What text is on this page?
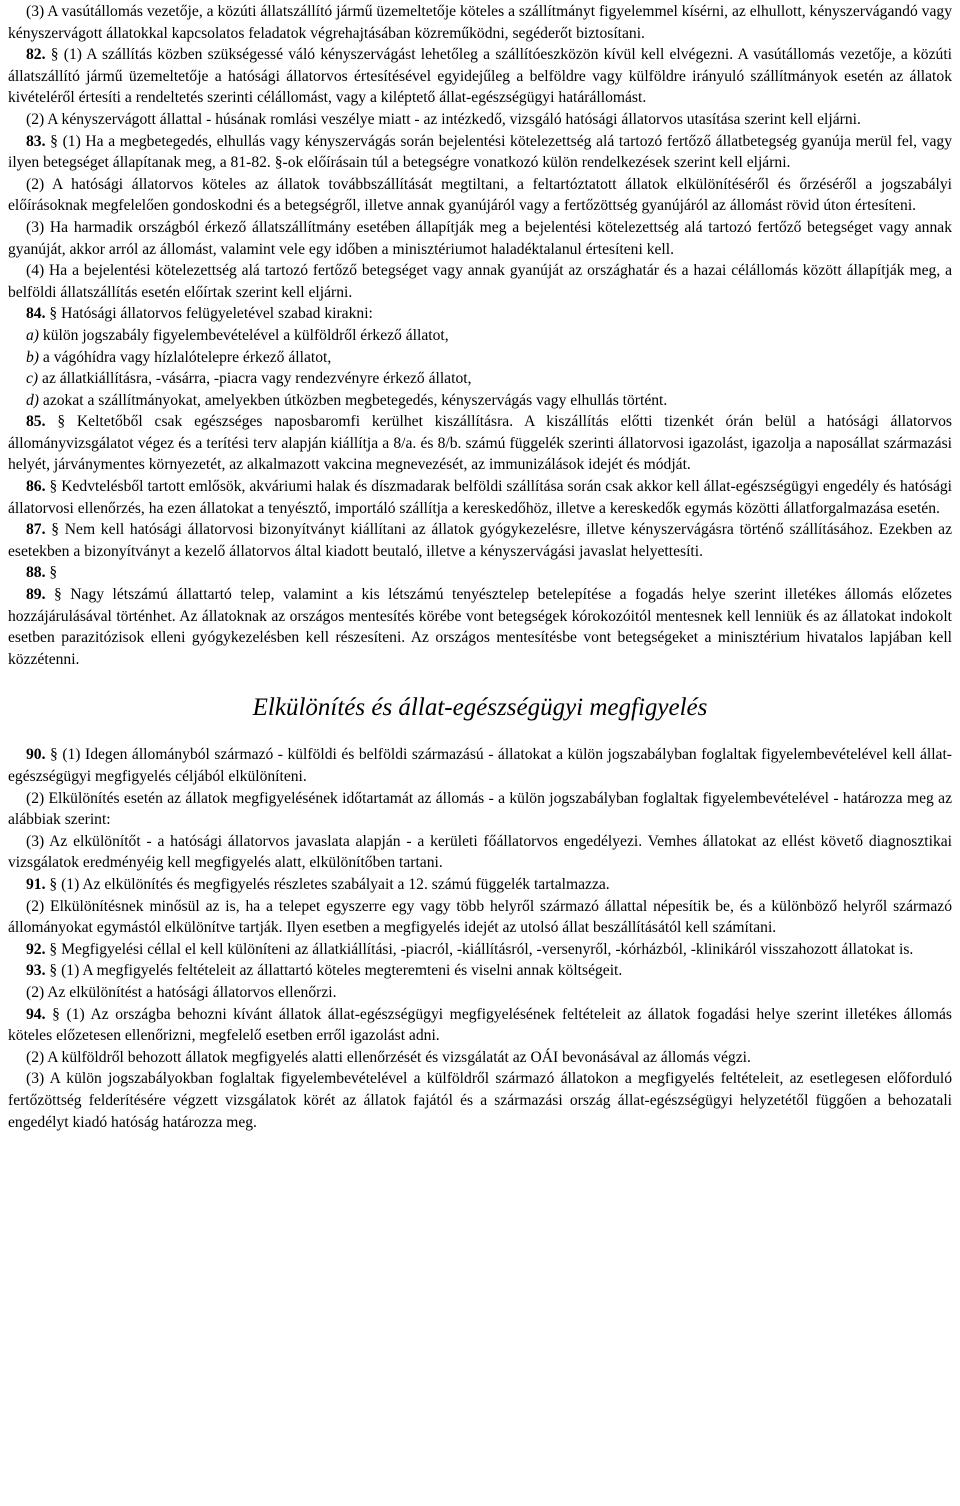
(3) A vasútállomás vezetője, a közúti állatszállító jármű üzemeltetője köteles a szállítmányt figyelemmel kísérni, az elhullott, kényszervágandó vagy kényszervágott állatokkal kapcsolatos feladatok végrehajtásában közreműködni, segéderőt biztosítani.

82. § (1) A szállítás közben szükségessé váló kényszervágást lehetőleg a szállítóeszközön kívül kell elvégezni. A vasútállomás vezetője, a közúti állatszállító jármű üzemeltetője a hatósági állatorvos értesítésével egyidejűleg a belföldre vagy külföldre irányuló szállítmányok esetén az állatok kivételéről értesíti a rendeltetés szerinti célállomást, vagy a kiléptető állat-egészségügyi határállomást.

(2) A kényszervágott állattal - húsának romlási veszélye miatt - az intézkedő, vizsgáló hatósági állatorvos utasítása szerint kell eljárni.

83. § (1) Ha a megbetegedés, elhullás vagy kényszervágás során bejelentési kötelezettség alá tartozó fertőző állatbetegség gyanúja merül fel, vagy ilyen betegséget állapítanak meg, a 81-82. §-ok előírásain túl a betegségre vonatkozó külön rendelkezések szerint kell eljárni.

(2) A hatósági állatorvos köteles az állatok továbbszállítását megtiltani, a feltartóztatott állatok elkülönítéséről és őrzéséről a jogszabályi előírásoknak megfelelően gondoskodni és a betegségről, illetve annak gyanújáról vagy a fertőzöttség gyanújáról az állomást rövid úton értesíteni.

(3) Ha harmadik országból érkező állatszállítmány esetében állapítják meg a bejelentési kötelezettség alá tartozó fertőző betegséget vagy annak gyanúját, akkor arról az állomást, valamint vele egy időben a minisztériumot haladéktalanul értesíteni kell.

(4) Ha a bejelentési kötelezettség alá tartozó fertőző betegséget vagy annak gyanúját az országhatár és a hazai célállomás között állapítják meg, a belföldi állatszállítás esetén előírtak szerint kell eljárni.

84. § Hatósági állatorvos felügyeletével szabad kirakni:

a) külön jogszabály figyelembevételével a külföldről érkező állatot,

b) a vágóhídra vagy hízlalótelepre érkező állatot,

c) az állatkiállításra, -vásárra, -piacra vagy rendezvényre érkező állatot,

d) azokat a szállítmányokat, amelyekben útközben megbetegedés, kényszervágás vagy elhullás történt.

85. § Keltetőből csak egészséges naposbaromfi kerülhet kiszállításra. A kiszállítás előtti tizenkét órán belül a hatósági állatorvos állományvizsgálatot végez és a terítési terv alapján kiállítja a 8/a. és 8/b. számú függelék szerinti állatorvosi igazolást, igazolja a naposállat származási helyét, járványmentes környezetét, az alkalmazott vakcina megnevezését, az immunizálások idejét és módját.

86. § Kedvtelésből tartott emlősök, akváriumi halak és díszmadarak belföldi szállítása során csak akkor kell állat-egészségügyi engedély és hatósági állatorvosi ellenőrzés, ha ezen állatokat a tenyésztő, importáló szállítja a kereskedőhöz, illetve a kereskedők egymás közötti állatforgalmazása esetén.

87. § Nem kell hatósági állatorvosi bizonyítványt kiállítani az állatok gyógykezelésre, illetve kényszervágásra történő szállításához. Ezekben az esetekben a bizonyítványt a kezelő állatorvos által kiadott beutaló, illetve a kényszervágási javaslat helyettesíti.

88. §

89. § Nagy létszámú állattartó telep, valamint a kis létszámú tenyésztelep betelepítése a fogadás helye szerint illetékes állomás előzetes hozzájárulásával történhet. Az állatoknak az országos mentesítés körébe vont betegségek kórokozóitól mentesnek kell lenniük és az állatokat indokolt esetben parazitózisok elleni gyógykezelésben kell részesíteni. Az országos mentesítésbe vont betegségeket a minisztérium hivatalos lapjában kell közzétenni.

Elkülönítés és állat-egészségügyi megfigyelés

90. § (1) Idegen állományból származó - külföldi és belföldi származású - állatokat a külön jogszabályban foglaltak figyelembevételével kell állat-egészségügyi megfigyelés céljából elkülöníteni.

(2) Elkülönítés esetén az állatok megfigyelésének időtartamát az állomás - a külön jogszabályban foglaltak figyelembevételével - határozza meg az alábbiak szerint:

(3) Az elkülönítőt - a hatósági állatorvos javaslata alapján - a kerületi főállatorvos engedélyezi. Vemhes állatokat az ellést követő diagnosztikai vizsgálatok eredményéig kell megfigyelés alatt, elkülönítőben tartani.

91. § (1) Az elkülönítés és megfigyelés részletes szabályait a 12. számú függelék tartalmazza.

(2) Elkülönítésnek minősül az is, ha a telepet egyszerre egy vagy több helyről származó állattal népesítik be, és a különböző helyről származó állományokat egymástól elkülönítve tartják. Ilyen esetben a megfigyelés idejét az utolsó állat beszállításától kell számítani.

92. § Megfigyelési céllal el kell különíteni az állatkiállítási, -piacról, -kiállításról, -versenyről, -kórházból, -klinikáról visszahozott állatokat is.

93. § (1) A megfigyelés feltételeit az állattartó köteles megteremteni és viselni annak költségeit.

(2) Az elkülönítést a hatósági állatorvos ellenőrzi.

94. § (1) Az országba behozni kívánt állatok állat-egészségügyi megfigyelésének feltételeit az állatok fogadási helye szerint illetékes állomás köteles előzetesen ellenőrizni, megfelelő esetben erről igazolást adni.

(2) A külföldről behozott állatok megfigyelés alatti ellenőrzését és vizsgálatát az OÁI bevonásával az állomás végzi.

(3) A külön jogszabályokban foglaltak figyelembevételével a külföldről származó állatokon a megfigyelés feltételeit, az esetlegesen előforduló fertőzöttség felderítésére végzett vizsgálatok körét az állatok fajától és a származási ország állat-egészségügyi helyzetétől függően a behozatali engedélyt kiadó hatóság határozza meg.
